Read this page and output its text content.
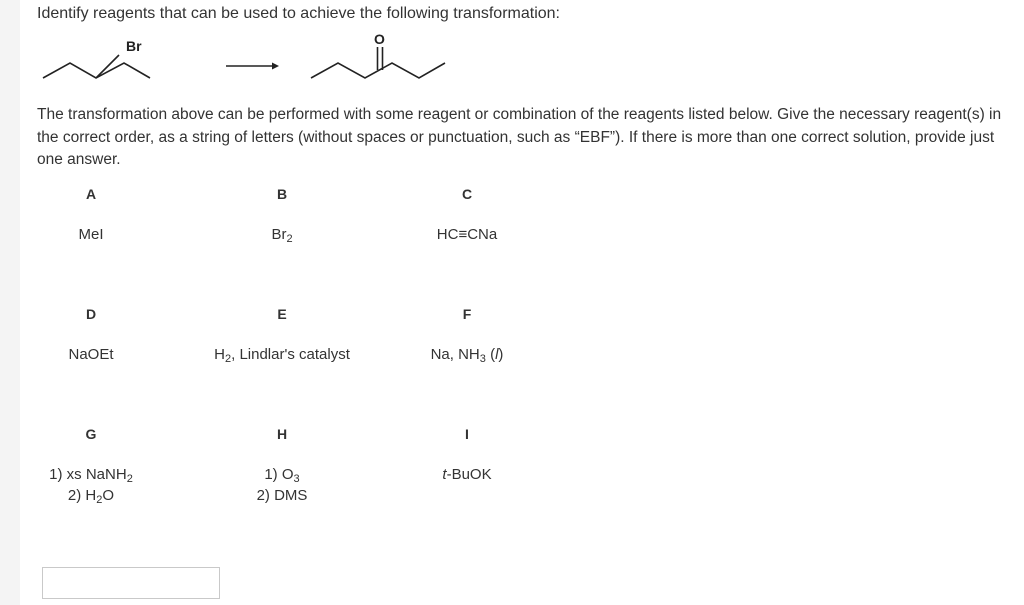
Identify reagents that can be used to achieve the following transformation:
Br	O
The transformation above can be performed with some reagent or combination of the reagents listed below. Give the necessary reagent(s) in the correct order, as a string of letters (without spaces or punctuation, such as “EBF”). If there is more than one correct solution, provide just one answer.
A
MeI
B
$Br_2$
C
HC≡CNa
D
NaOEt
E
$H_2$, Lindlar's catalyst
F
Na, $NH_3$ (l)
G
1) xs NaNH$_2$
2) $H_2O$
H
1) $O_3$
2) DMS
I
t-BuOK
